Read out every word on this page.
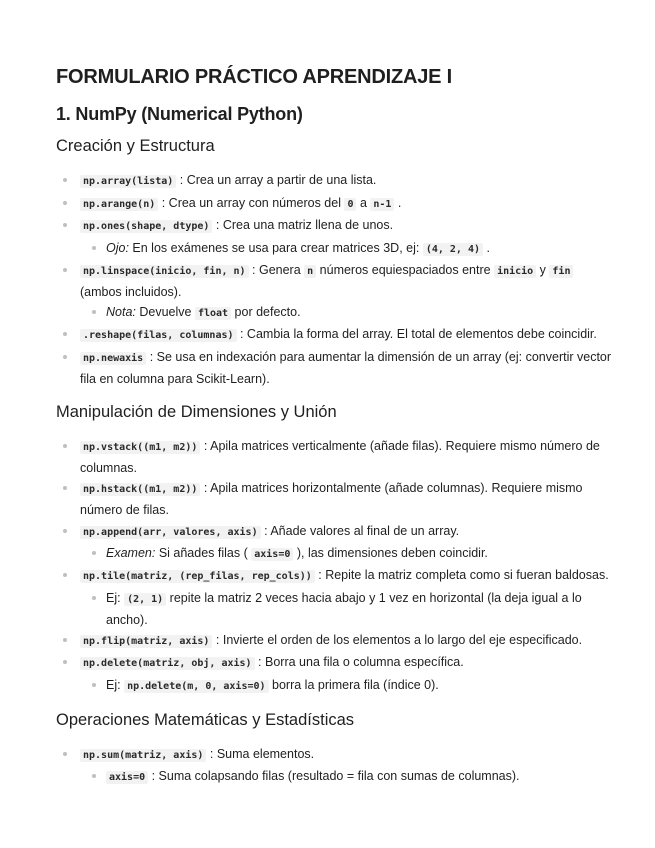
FORMULARIO PRÁCTICO APRENDIZAJE I
1. NumPy (Numerical Python)
Creación y Estructura
np.array(lista) : Crea un array a partir de una lista.
np.arange(n) : Crea un array con números del 0 a n-1 .
np.ones(shape, dtype) : Crea una matriz llena de unos.
Ojo: En los exámenes se usa para crear matrices 3D, ej: (4, 2, 4) .
np.linspace(inicio, fin, n) : Genera n números equiespaciados entre inicio y fin (ambos incluidos).
Nota: Devuelve float por defecto.
.reshape(filas, columnas) : Cambia la forma del array. El total de elementos debe coincidir.
np.newaxis : Se usa en indexación para aumentar la dimensión de un array (ej: convertir vector fila en columna para Scikit-Learn).
Manipulación de Dimensiones y Unión
np.vstack((m1, m2)) : Apila matrices verticalmente (añade filas). Requiere mismo número de columnas.
np.hstack((m1, m2)) : Apila matrices horizontalmente (añade columnas). Requiere mismo número de filas.
np.append(arr, valores, axis) : Añade valores al final de un array.
Examen: Si añades filas ( axis=0 ), las dimensiones deben coincidir.
np.tile(matriz, (rep_filas, rep_cols)) : Repite la matriz completa como si fueran baldosas.
Ej: (2, 1) repite la matriz 2 veces hacia abajo y 1 vez en horizontal (la deja igual a lo ancho).
np.flip(matriz, axis) : Invierte el orden de los elementos a lo largo del eje especificado.
np.delete(matriz, obj, axis) : Borra una fila o columna específica.
Ej: np.delete(m, 0, axis=0) borra la primera fila (índice 0).
Operaciones Matemáticas y Estadísticas
np.sum(matriz, axis) : Suma elementos.
axis=0 : Suma colapsando filas (resultado = fila con sumas de columnas).
